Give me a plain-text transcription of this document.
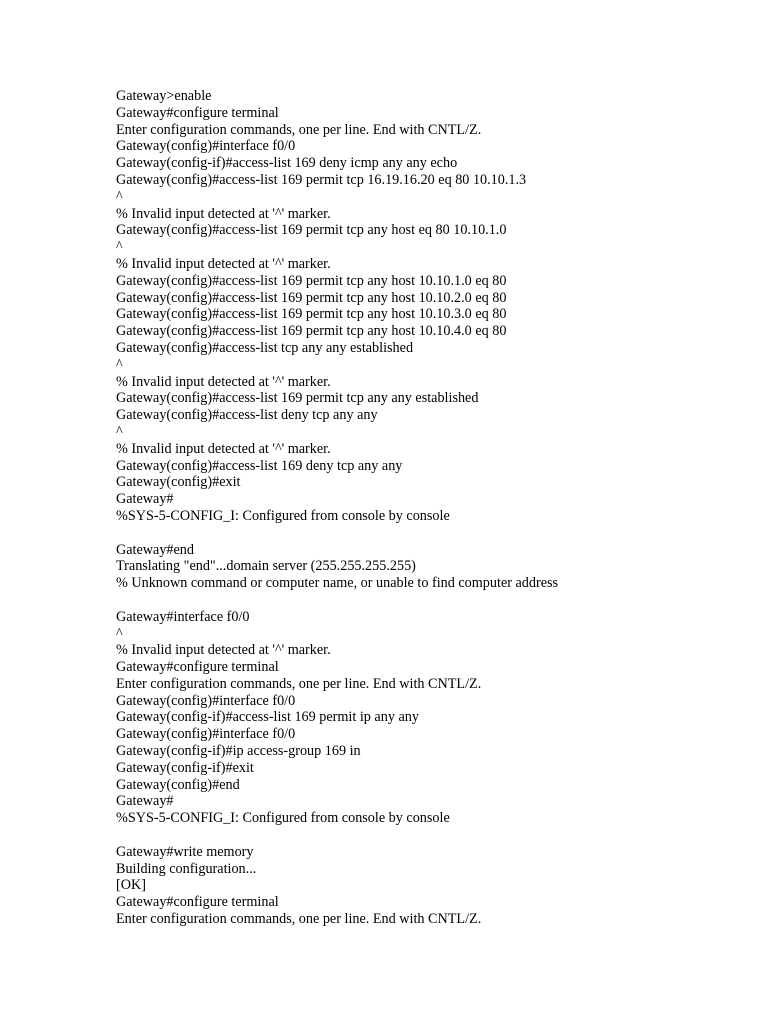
Gateway>enable
Gateway#configure terminal
Enter configuration commands, one per line. End with CNTL/Z.
Gateway(config)#interface f0/0
Gateway(config-if)#access-list 169 deny icmp any any echo
Gateway(config)#access-list 169 permit tcp 16.19.16.20 eq 80 10.10.1.3
^
% Invalid input detected at '^' marker.
Gateway(config)#access-list 169 permit tcp any host eq 80 10.10.1.0
^
% Invalid input detected at '^' marker.
Gateway(config)#access-list 169 permit tcp any host 10.10.1.0 eq 80
Gateway(config)#access-list 169 permit tcp any host 10.10.2.0 eq 80
Gateway(config)#access-list 169 permit tcp any host 10.10.3.0 eq 80
Gateway(config)#access-list 169 permit tcp any host 10.10.4.0 eq 80
Gateway(config)#access-list tcp any any established
^
% Invalid input detected at '^' marker.
Gateway(config)#access-list 169 permit tcp any any established
Gateway(config)#access-list deny tcp any any
^
% Invalid input detected at '^' marker.
Gateway(config)#access-list 169 deny tcp any any
Gateway(config)#exit
Gateway#
%SYS-5-CONFIG_I: Configured from console by console
Gateway#end
Translating "end"...domain server (255.255.255.255)
% Unknown command or computer name, or unable to find computer address
Gateway#interface f0/0
^
% Invalid input detected at '^' marker.
Gateway#configure terminal
Enter configuration commands, one per line. End with CNTL/Z.
Gateway(config)#interface f0/0
Gateway(config-if)#access-list 169 permit ip any any
Gateway(config)#interface f0/0
Gateway(config-if)#ip access-group 169 in
Gateway(config-if)#exit
Gateway(config)#end
Gateway#
%SYS-5-CONFIG_I: Configured from console by console
Gateway#write memory
Building configuration...
[OK]
Gateway#configure terminal
Enter configuration commands, one per line. End with CNTL/Z.
